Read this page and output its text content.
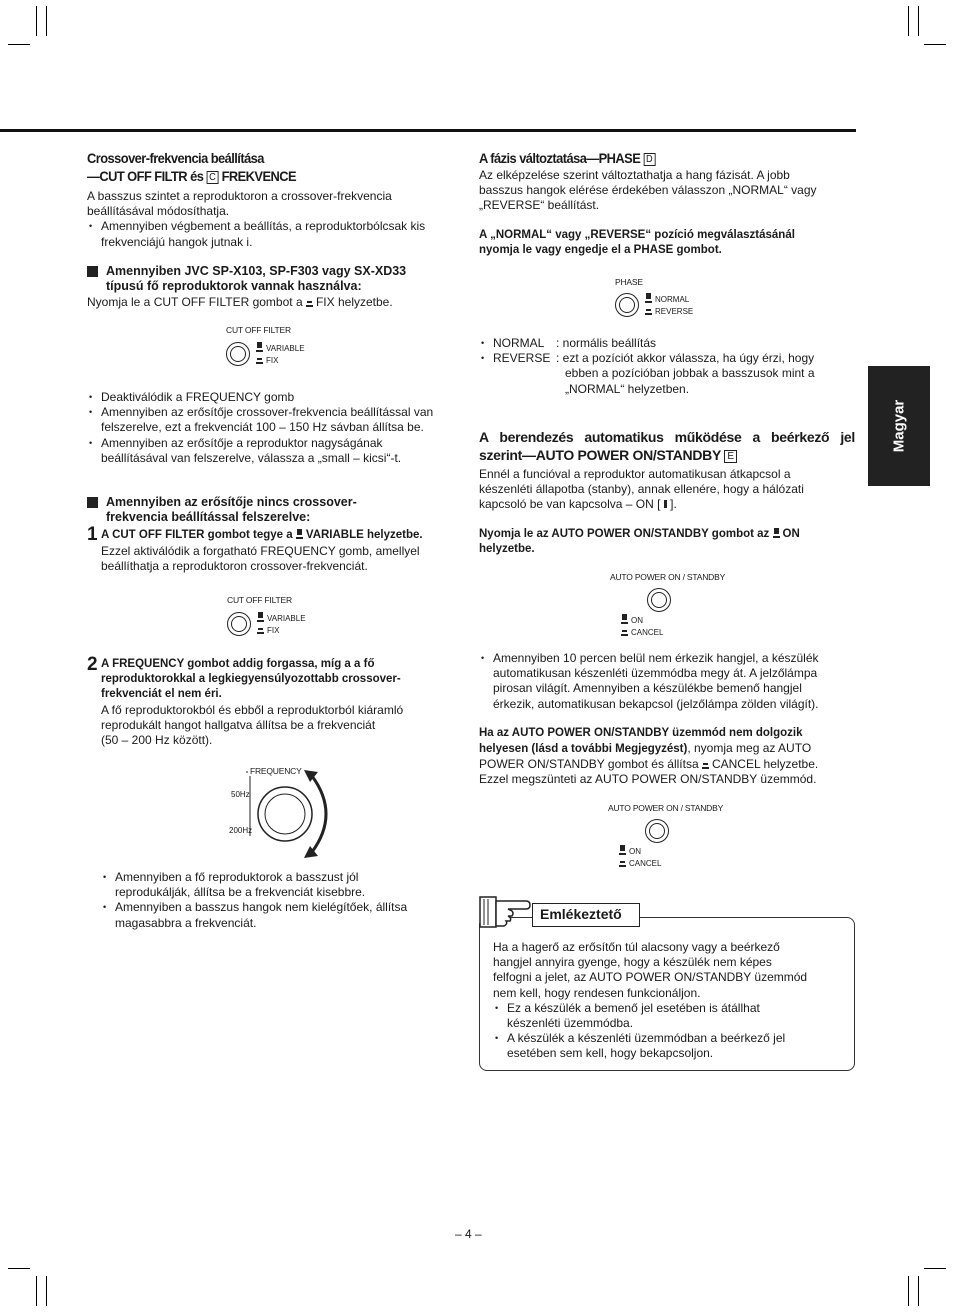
Magyar
Crossover-frekvencia beállítása
—CUT OFF FILTR és C FREKVENCE
A basszus szintet a reproduktoron a crossover-frekvencia
beállításával módosíthatja.
• Amennyiben végbement a beállítás, a reproduktorbólcsak kis
frekvenciájú hangok jutnak i.
Amennyiben JVC SP-X103, SP-F303 vagy SX-XD33
típusú fő reproduktorok vannak használva:
Nyomja le a CUT OFF FILTER gombot a FIX helyzetbe.
CUT OFF FILTER
VARIABLE
FIX
• Deaktiválódik a FREQUENCY gomb
• Amennyiben az erősítője crossover-frekvencia beállítással van
felszerelve, ezt a frekvenciát 100 – 150 Hz sávban állítsa be.
• Amennyiben az erősítője a reproduktor nagyságának
beállításával van felszerelve, válassza a „small – kicsi“-t.
Amennyiben az erősítője nincs crossover-
frekvencia beállítással felszerelve:
1 A CUT OFF FILTER gombot tegye a VARIABLE helyzetbe.
Ezzel aktiválódik a forgatható FREQUENCY gomb, amellyel
beállíthatja a reproduktoron crossover-frekvenciát.
CUT OFF FILTER
VARIABLE
FIX
2 A FREQUENCY gombot addig forgassa, míg a a fő
reproduktorokkal a legkiegyensúlyozottabb crossover-
frekvenciát el nem éri.
A fő reproduktorokból és ebből a reproduktorból kiáramló
reprodukált hangot hallgatva állítsa be a frekvenciát
(50 – 200 Hz között).
FREQUENCY
50Hz
200Hz
• Amennyiben a fő reproduktorok a basszust jól
reprodukálják, állítsa be a frekvenciát kisebbre.
• Amennyiben a basszus hangok nem kielégítőek, állítsa
magasabbra a frekvenciát.
A fázis változtatása—PHASE D
Az elképzelése szerint változtathatja a hang fázisát. A jobb
basszus hangok elérése érdekében válasszon „NORMAL“ vagy
„REVERSE“ beállítást.
A „NORMAL“ vagy „REVERSE“ pozíció megválasztásánál
nyomja le vagy engedje el a PHASE gombot.
PHASE
NORMAL
REVERSE
• NORMAL : normális beállítás
• REVERSE : ezt a pozíciót akkor válassza, ha úgy érzi, hogy
ebben a pozícióban jobbak a basszusok mint a
„NORMAL“ helyzetben.
A berendezés automatikus működése a beérkező jel
szerint—AUTO POWER ON/STANDBY E
Ennél a funcióval a reproduktor automatikusan átkapcsol a
készenléti állapotba (stanby), annak ellenére, hogy a hálózati
kapcsoló be van kapcsolva – ON [ ].
Nyomja le az AUTO POWER ON/STANDBY gombot az ON
helyzetbe.
AUTO POWER ON / STANDBY
ON
CANCEL
• Amennyiben 10 percen belül nem érkezik hangjel, a készülék
automatikusan készenléti üzemmódba megy át. A jelzőlámpa
pirosan világít. Amennyiben a készülékbe bemenő hangjel
érkezik, automatikusan bekapcsol (jelzőlámpa zölden világít).
Ha az AUTO POWER ON/STANDBY üzemmód nem dolgozik
helyesen (lásd a további Megjegyzést), nyomja meg az AUTO
POWER ON/STANDBY gombot és állítsa CANCEL helyzetbe.
Ezzel megszünteti az AUTO POWER ON/STANDBY üzemmód.
AUTO POWER ON / STANDBY
ON
CANCEL
Emlékeztető
Ha a hagerő az erősítőn túl alacsony vagy a beérkező
hangjel annyira gyenge, hogy a készülék nem képes
felfogni a jelet, az AUTO POWER ON/STANDBY üzemmód
nem kell, hogy rendesen funkcionáljon.
• Ez a készülék a bemenő jel esetében is átállhat
készenléti üzemmódba.
• A készülék a készenléti üzemmódban a beérkező jel
esetében sem kell, hogy bekapcsoljon.
– 4 –
